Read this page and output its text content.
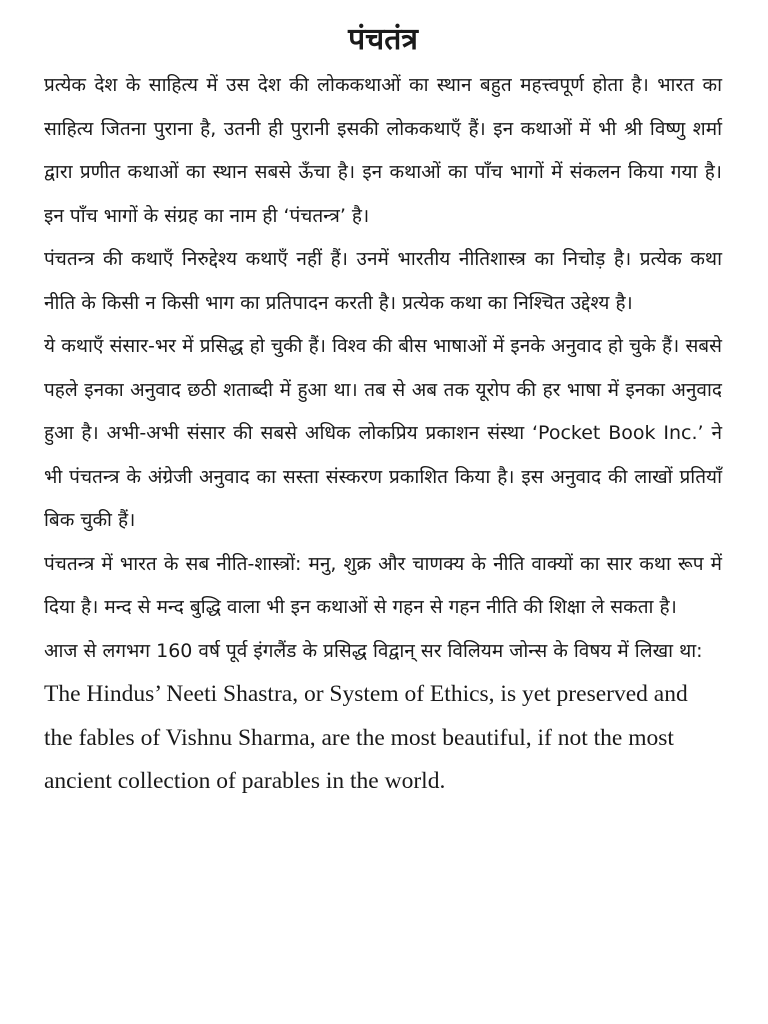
पंचतंत्र

प्रत्येक देश के साहित्य में उस देश की लोककथाओं का स्थान बहुत महत्त्वपूर्ण होता है। भारत का साहित्य जितना पुराना है, उतनी ही पुरानी इसकी लोककथाएँ हैं। इन कथाओं में भी श्री विष्णु शर्मा द्वारा प्रणीत कथाओं का स्थान सबसे ऊँचा है। इन कथाओं का पाँच भागों में संकलन किया गया है। इन पाँच भागों के संग्रह का नाम ही ‘पंचतन्त्र’ है।

पंचतन्त्र की कथाएँ निरुद्देश्य कथाएँ नहीं हैं। उनमें भारतीय नीतिशास्त्र का निचोड़ है। प्रत्येक कथा नीति के किसी न किसी भाग का प्रतिपादन करती है। प्रत्येक कथा का निश्चित उद्देश्य है।

ये कथाएँ संसार-भर में प्रसिद्ध हो चुकी हैं। विश्व की बीस भाषाओं में इनके अनुवाद हो चुके हैं। सबसे पहले इनका अनुवाद छठी शताब्दी में हुआ था। तब से अब तक यूरोप की हर भाषा में इनका अनुवाद हुआ है। अभी-अभी संसार की सबसे अधिक लोकप्रिय प्रकाशन संस्था ‘Pocket Book Inc.’ ने भी पंचतन्त्र के अंग्रेजी अनुवाद का सस्ता संस्करण प्रकाशित किया है। इस अनुवाद की लाखों प्रतियाँ बिक चुकी हैं।

पंचतन्त्र में भारत के सब नीति-शास्त्रों: मनु, शुक्र और चाणक्य के नीति वाक्यों का सार कथा रूप में दिया है। मन्द से मन्द बुद्धि वाला भी इन कथाओं से गहन से गहन नीति की शिक्षा ले सकता है।

आज से लगभग 160 वर्ष पूर्व इंगलैंड के प्रसिद्ध विद्वान् सर विलियम जोन्स के विषय में लिखा था:

The Hindus’ Neeti Shastra, or System of Ethics, is yet preserved and the fables of Vishnu Sharma, are the most beautiful, if not the most ancient collection of parables in the world.
